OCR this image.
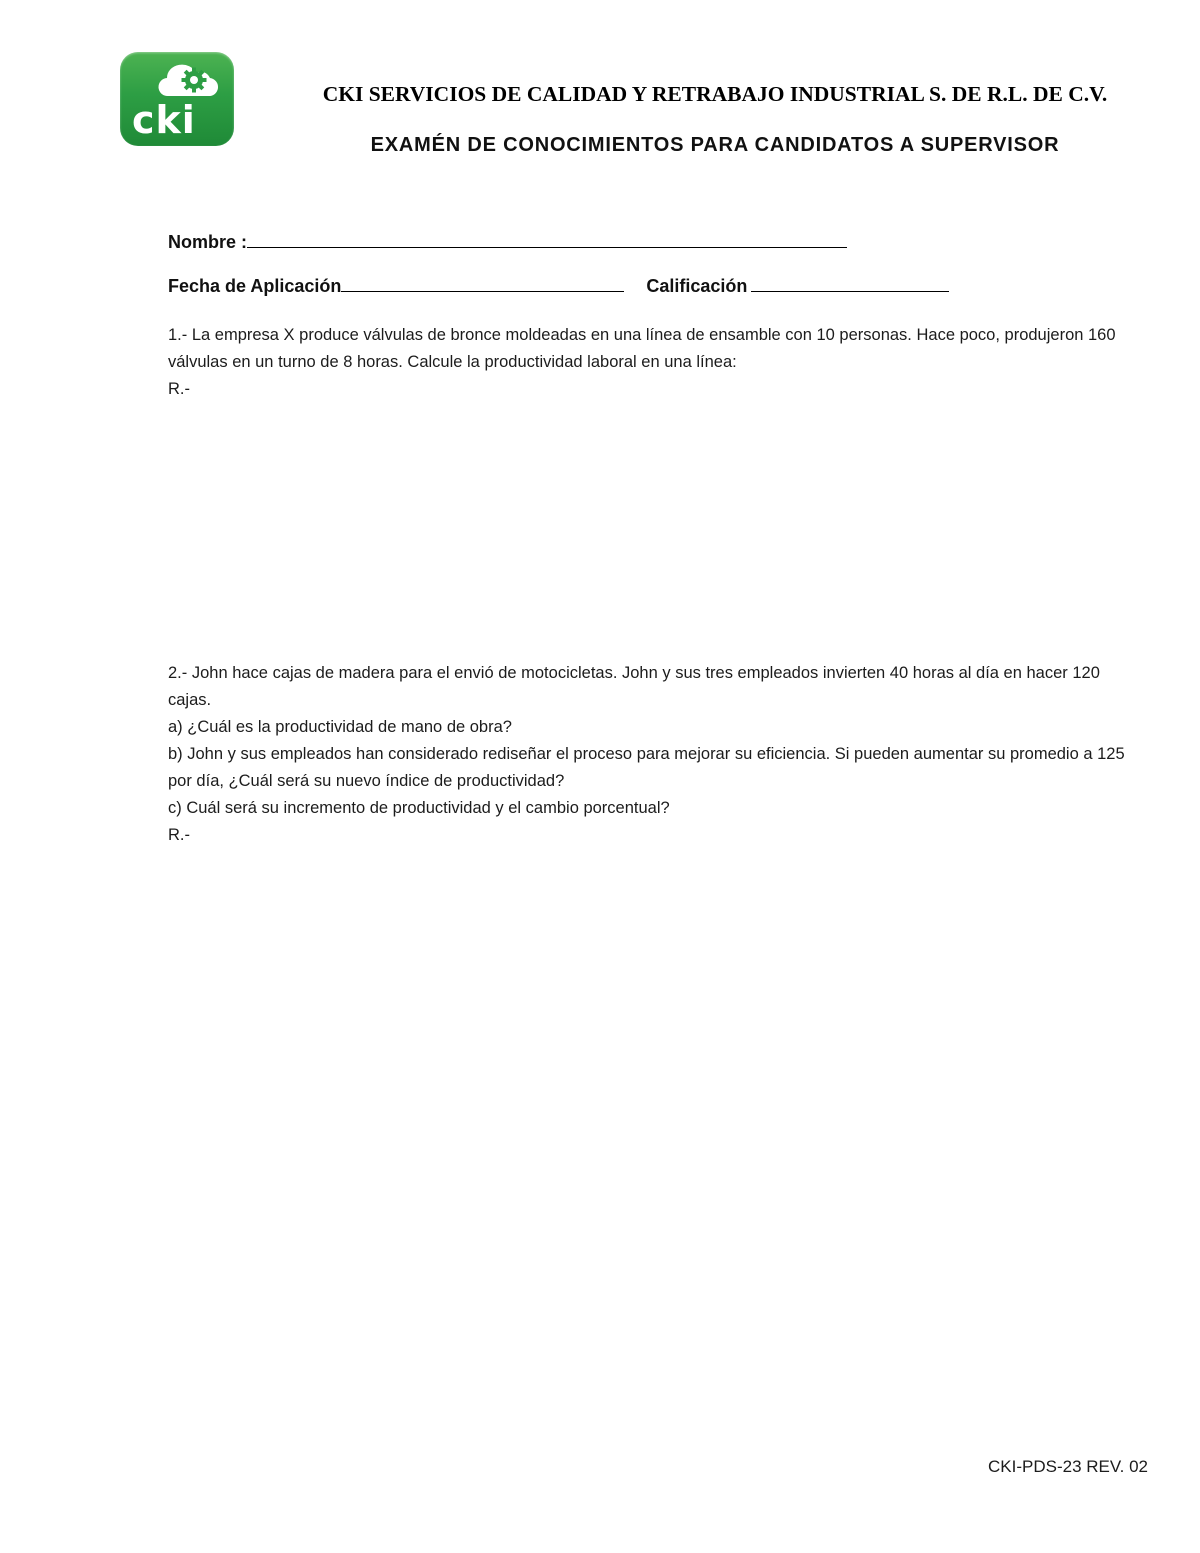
cki
CKI SERVICIOS DE CALIDAD Y RETRABAJO INDUSTRIAL S. DE R.L. DE C.V.
EXAMÉN DE CONOCIMIENTOS PARA CANDIDATOS A SUPERVISOR
Nombre :
Fecha de Aplicación	Calificación

1.- La empresa X produce válvulas de bronce moldeadas en una línea de ensamble con 10 personas. Hace poco, produjeron 160 válvulas en un turno de 8 horas. Calcule la productividad laboral en una línea:

R.-

2.- John hace cajas de madera para el envió de motocicletas. John y sus tres empleados invierten 40 horas al día en hacer 120 cajas.

a) ¿Cuál es la productividad de mano de obra?

b) John y sus empleados han considerado rediseñar el proceso para mejorar su eficiencia. Si pueden aumentar su promedio a 125 por día, ¿Cuál será su nuevo índice de productividad?

c) Cuál será su incremento de productividad y el cambio porcentual?

R.-

CKI-PDS-23 REV. 02
